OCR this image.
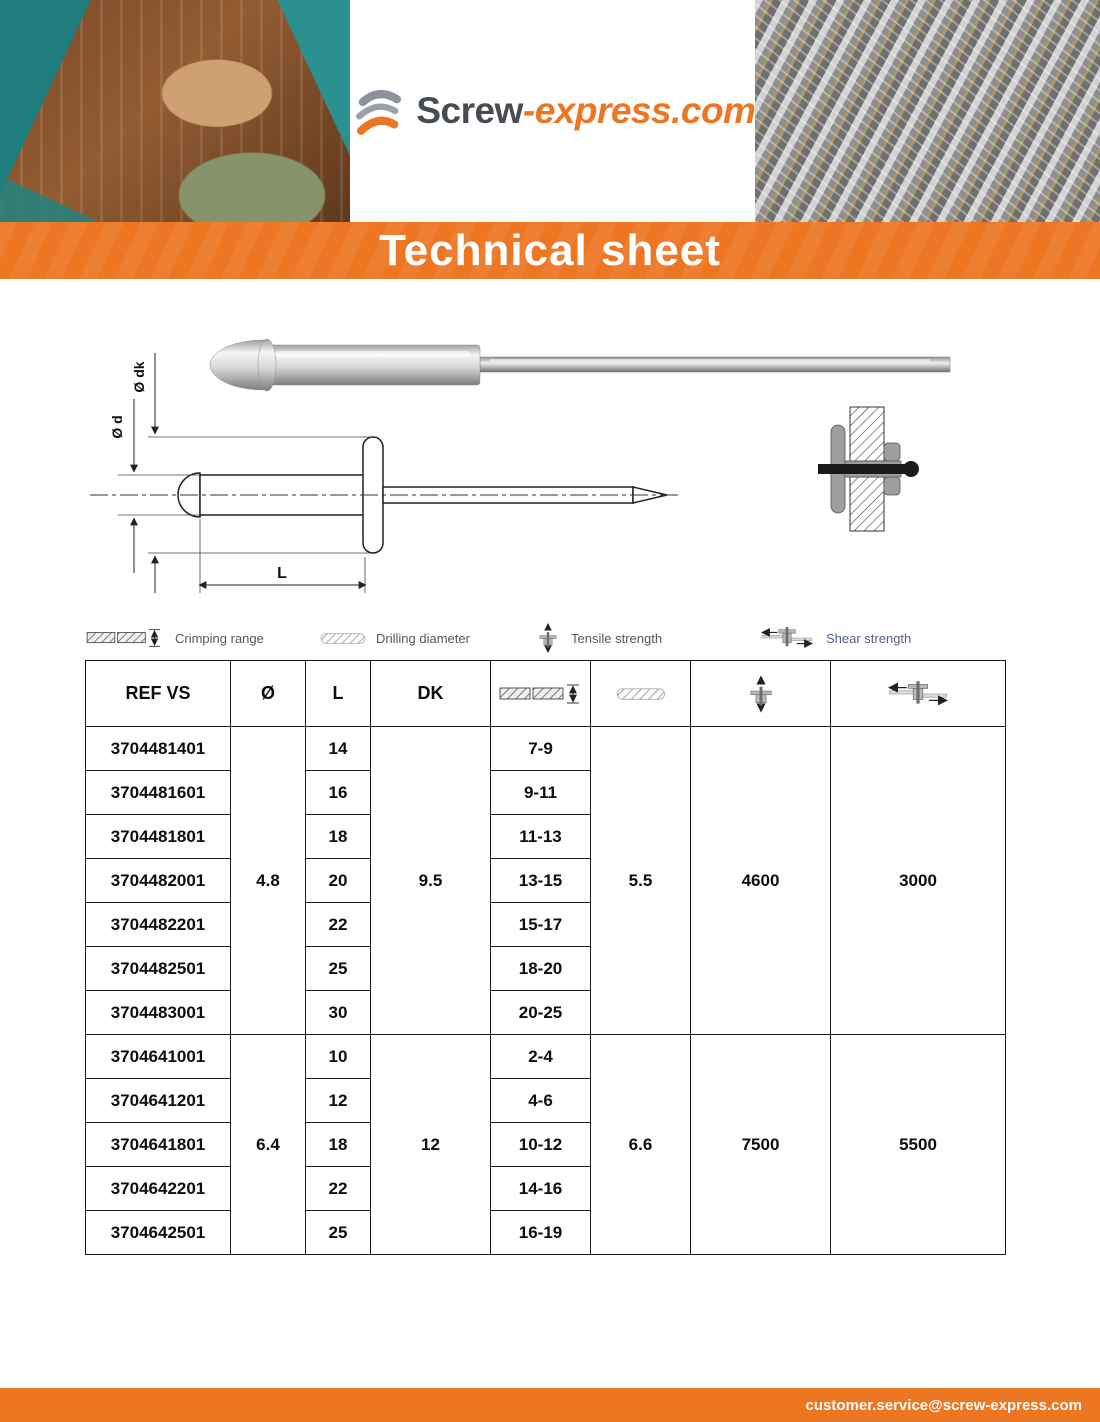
Screw-express.com
Technical sheet
Ø dk
Ø d
L
Crimping range	Drilling diameter	Tensile strength	Shear strength
REF VS	Ø	L	DK	

3704481401	4.8	14	9.5	7-9	5.5	4600	3000
3704481601		16		9-11			
3704481801		18		11-13			
3704482001		20		13-15			
3704482201		22		15-17			
3704482501		25		18-20			
3704483001		30		20-25			
3704641001	6.4	10	12	2-4	6.6	7500	5500
3704641201		12		4-6			
3704641801		18		10-12			
3704642201		22		14-16			
3704642501		25		16-19			
customer.service@screw-express.com
